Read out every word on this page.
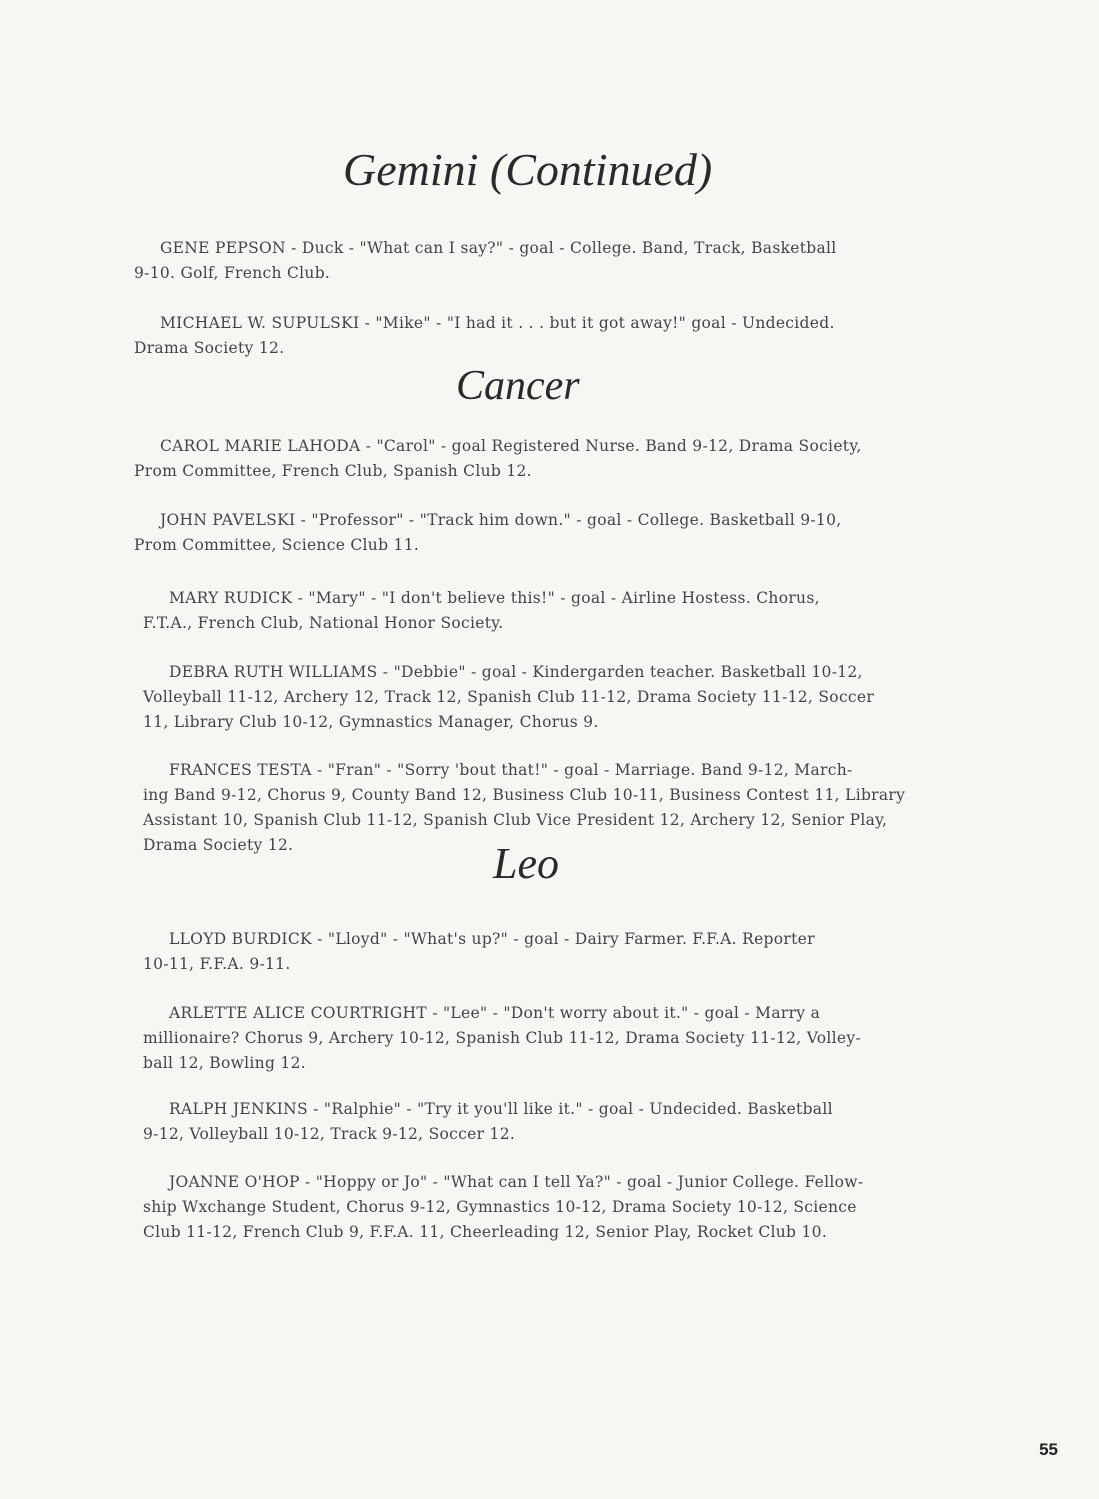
Gemini (Continued)

GENE PEPSON - Duck - "What can I say?" - goal - College. Band, Track, Basketball
9-10. Golf, French Club.

MICHAEL W. SUPULSKI - "Mike" - "I had it . . . but it got away!" goal - Undecided.
Drama Society 12.

Cancer

CAROL MARIE LAHODA - "Carol" - goal Registered Nurse. Band 9-12, Drama Society,
Prom Committee, French Club, Spanish Club 12.

JOHN PAVELSKI - "Professor" - "Track him down." - goal - College. Basketball 9-10,
Prom Committee, Science Club 11.

MARY RUDICK - "Mary" - "I don't believe this!" - goal - Airline Hostess. Chorus,
F.T.A., French Club, National Honor Society.

DEBRA RUTH WILLIAMS - "Debbie" - goal - Kindergarden teacher. Basketball 10-12,
Volleyball 11-12, Archery 12, Track 12, Spanish Club 11-12, Drama Society 11-12, Soccer
11, Library Club 10-12, Gymnastics Manager, Chorus 9.

FRANCES TESTA - "Fran" - "Sorry 'bout that!" - goal - Marriage. Band 9-12, March-
ing Band 9-12, Chorus 9, County Band 12, Business Club 10-11, Business Contest 11, Library
Assistant 10, Spanish Club 11-12, Spanish Club Vice President 12, Archery 12, Senior Play,
Drama Society 12.	Leo

LLOYD BURDICK - "Lloyd" - "What's up?" - goal - Dairy Farmer. F.F.A. Reporter
10-11, F.F.A. 9-11.

ARLETTE ALICE COURTRIGHT - "Lee" - "Don't worry about it." - goal - Marry a
millionaire? Chorus 9, Archery 10-12, Spanish Club 11-12, Drama Society 11-12, Volley-
ball 12, Bowling 12.

RALPH JENKINS - "Ralphie" - "Try it you'll like it." - goal - Undecided. Basketball
9-12, Volleyball 10-12, Track 9-12, Soccer 12.

JOANNE O'HOP - "Hoppy or Jo" - "What can I tell Ya?" - goal - Junior College. Fellow-
ship Wxchange Student, Chorus 9-12, Gymnastics 10-12, Drama Society 10-12, Science
Club 11-12, French Club 9, F.F.A. 11, Cheerleading 12, Senior Play, Rocket Club 10.

55
